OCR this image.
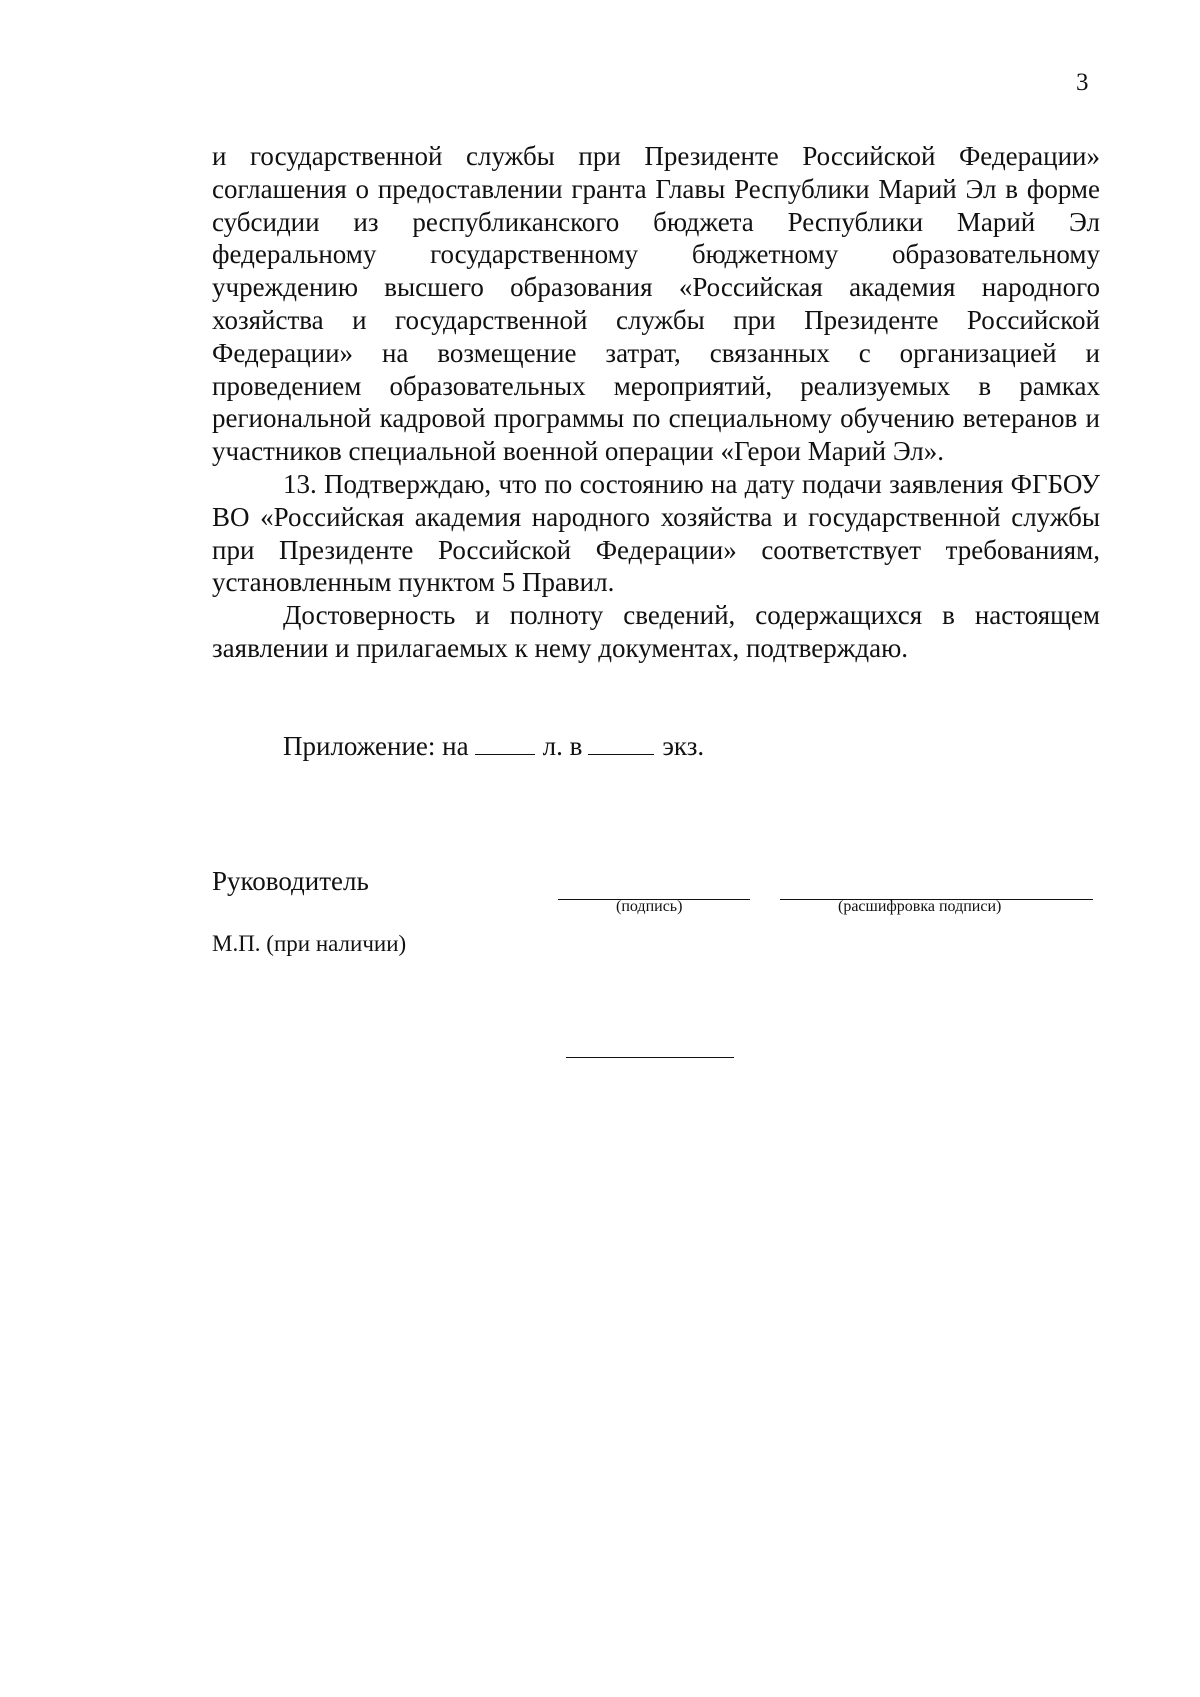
3

и государственной службы при Президенте Российской Федерации» соглашения о предоставлении гранта Главы Республики Марий Эл в форме субсидии из республиканского бюджета Республики Марий Эл федеральному государственному бюджетному образовательному учреждению высшего образования «Российская академия народного хозяйства и государственной службы при Президенте Российской Федерации» на возмещение затрат, связанных с организацией и проведением образовательных мероприятий, реализуемых в рамках региональной кадровой программы по специальному обучению ветеранов и участников специальной военной операции «Герои Марий Эл».

13. Подтверждаю, что по состоянию на дату подачи заявления ФГБОУ ВО «Российская академия народного хозяйства и государственной службы при Президенте Российской Федерации» соответствует требованиям, установленным пунктом 5 Правил.

Достоверность и полноту сведений, содержащихся в настоящем заявлении и прилагаемых к нему документах, подтверждаю.

Приложение: на	л. в	экз.
Руководитель
(подпись)	(расшифровка подписи)
М.П. (при наличии)
